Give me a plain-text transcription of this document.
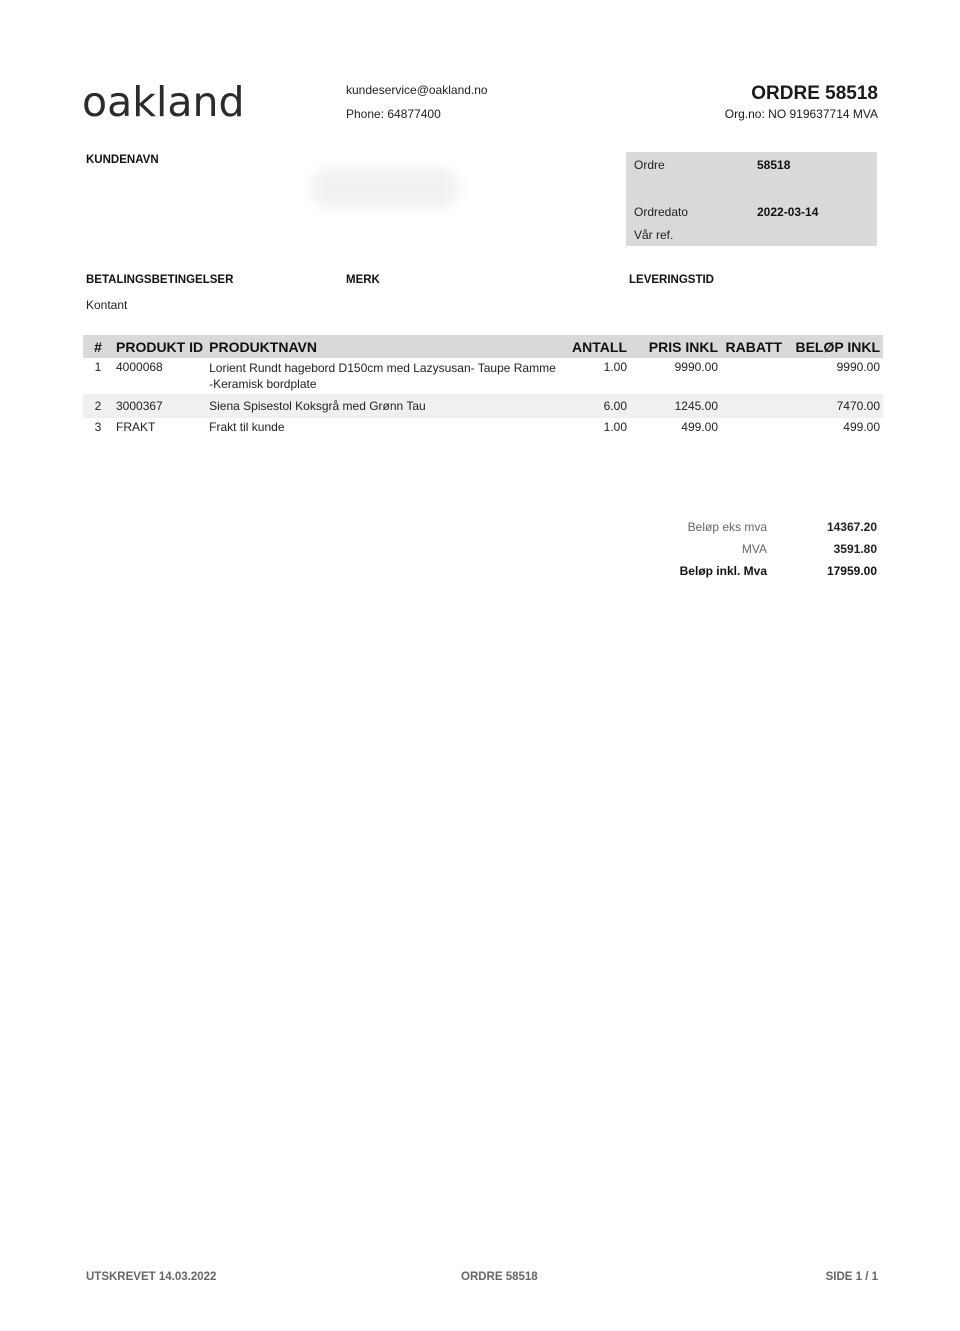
oakland	kundeservice@oakland.no
Phone: 64877400
ORDRE 58518
Org.no: NO 919637714 MVA
KUNDENAVN	Ordre	58518
Ordredato	2022-03-14
Vår ref.
BETALINGSBETINGELSER
Kontant
MERK	LEVERINGSTID
#	PRODUKT ID	PRODUKTNAVN	ANTALL	PRIS INKL	RABATT	BELØP INKL
1	4000068	Lorient Rundt hagebord D150cm med Lazysusan- Taupe Ramme -Keramisk bordplate	1.00	9990.00		9990.00
2	3000367	Siena Spisestol Koksgrå med Grønn Tau	6.00	1245.00		7470.00
3	FRAKT	Frakt til kunde	1.00	499.00		499.00
Beløp eks mva	14367.20
MVA	3591.80
Beløp inkl. Mva	17959.00
UTSKREVET 14.03.2022	ORDRE 58518	SIDE 1 / 1
